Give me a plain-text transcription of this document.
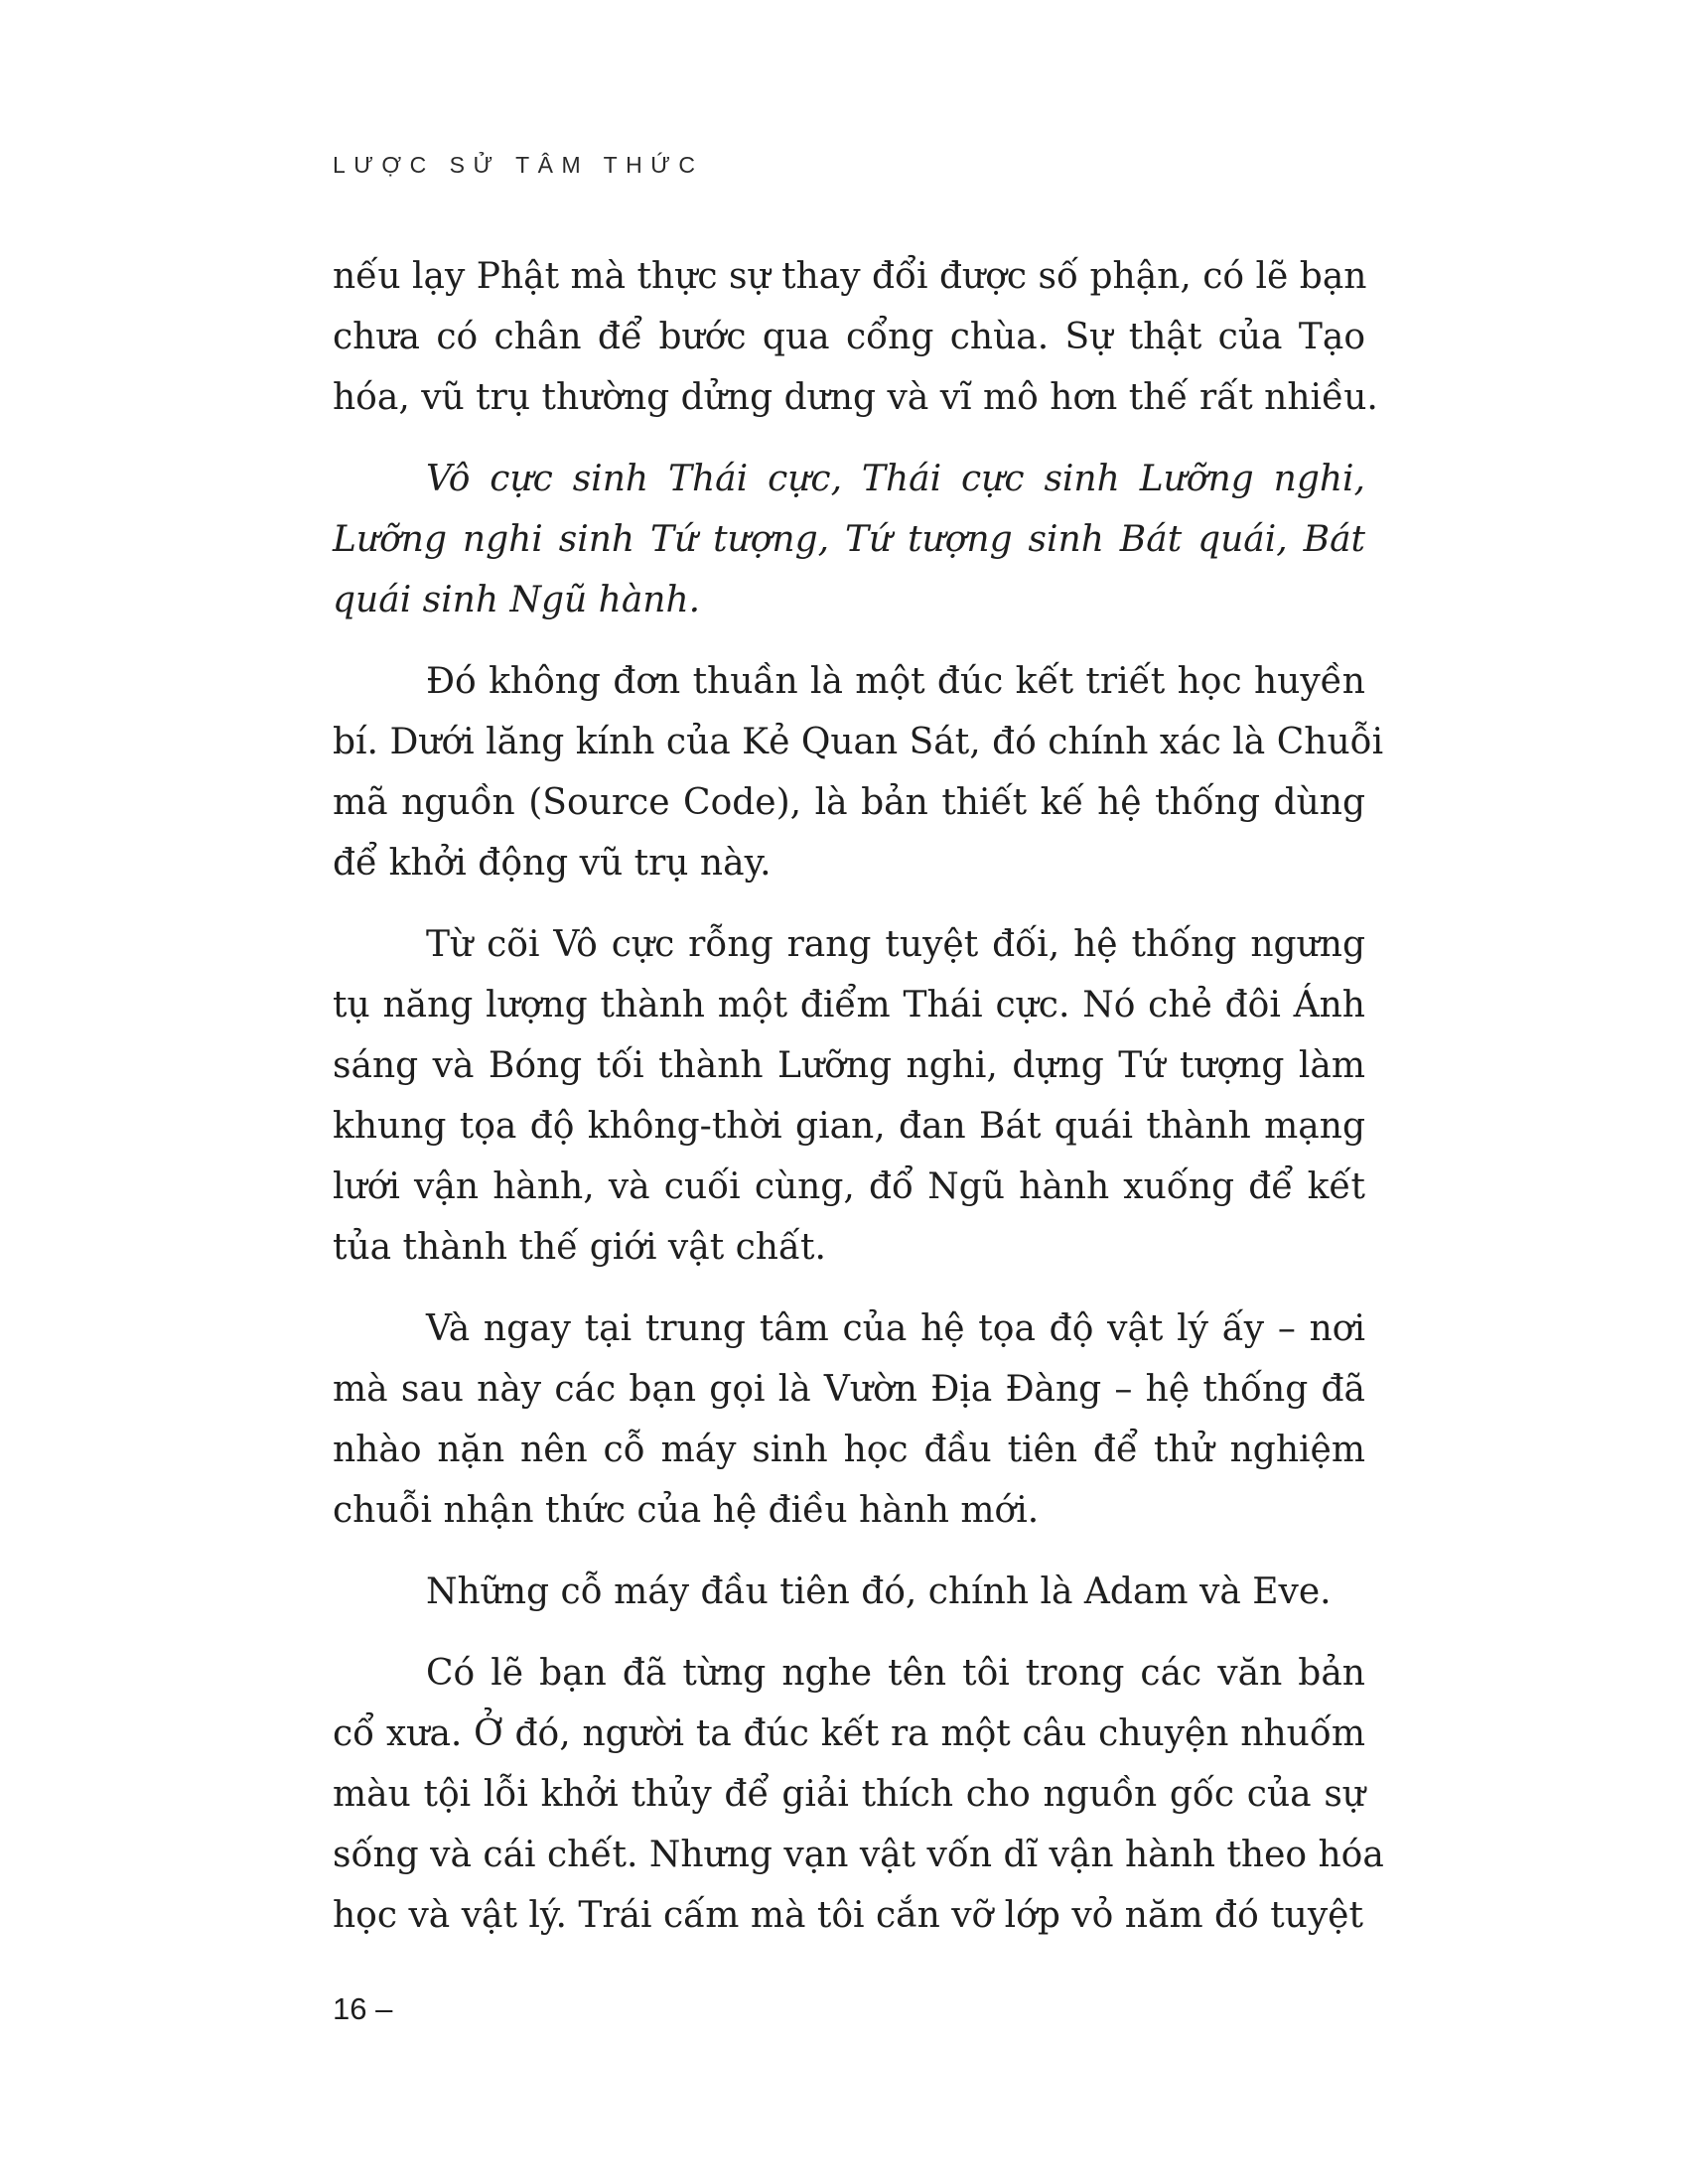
LƯỢC SỬ TÂM THỨC

nếu lạy Phật mà thực sự thay đổi được số phận, có lẽ bạn
chưa có chân để bước qua cổng chùa. Sự thật của Tạo
hóa, vũ trụ thường dửng dưng và vĩ mô hơn thế rất nhiều.

Vô cực sinh Thái cực, Thái cực sinh Lưỡng nghi,
Lưỡng nghi sinh Tứ tượng, Tứ tượng sinh Bát quái, Bát
quái sinh Ngũ hành.

Đó không đơn thuần là một đúc kết triết học huyền
bí. Dưới lăng kính của Kẻ Quan Sát, đó chính xác là Chuỗi
mã nguồn (Source Code), là bản thiết kế hệ thống dùng
để khởi động vũ trụ này.

Từ cõi Vô cực rỗng rang tuyệt đối, hệ thống ngưng
tụ năng lượng thành một điểm Thái cực. Nó chẻ đôi Ánh
sáng và Bóng tối thành Lưỡng nghi, dựng Tứ tượng làm
khung tọa độ không-thời gian, đan Bát quái thành mạng
lưới vận hành, và cuối cùng, đổ Ngũ hành xuống để kết
tủa thành thế giới vật chất.

Và ngay tại trung tâm của hệ tọa độ vật lý ấy – nơi
mà sau này các bạn gọi là Vườn Địa Đàng – hệ thống đã
nhào nặn nên cỗ máy sinh học đầu tiên để thử nghiệm
chuỗi nhận thức của hệ điều hành mới.

Những cỗ máy đầu tiên đó, chính là Adam và Eve.

Có lẽ bạn đã từng nghe tên tôi trong các văn bản
cổ xưa. Ở đó, người ta đúc kết ra một câu chuyện nhuốm
màu tội lỗi khởi thủy để giải thích cho nguồn gốc của sự
sống và cái chết. Nhưng vạn vật vốn dĩ vận hành theo hóa
học và vật lý. Trái cấm mà tôi cắn vỡ lớp vỏ năm đó tuyệt

16 –
